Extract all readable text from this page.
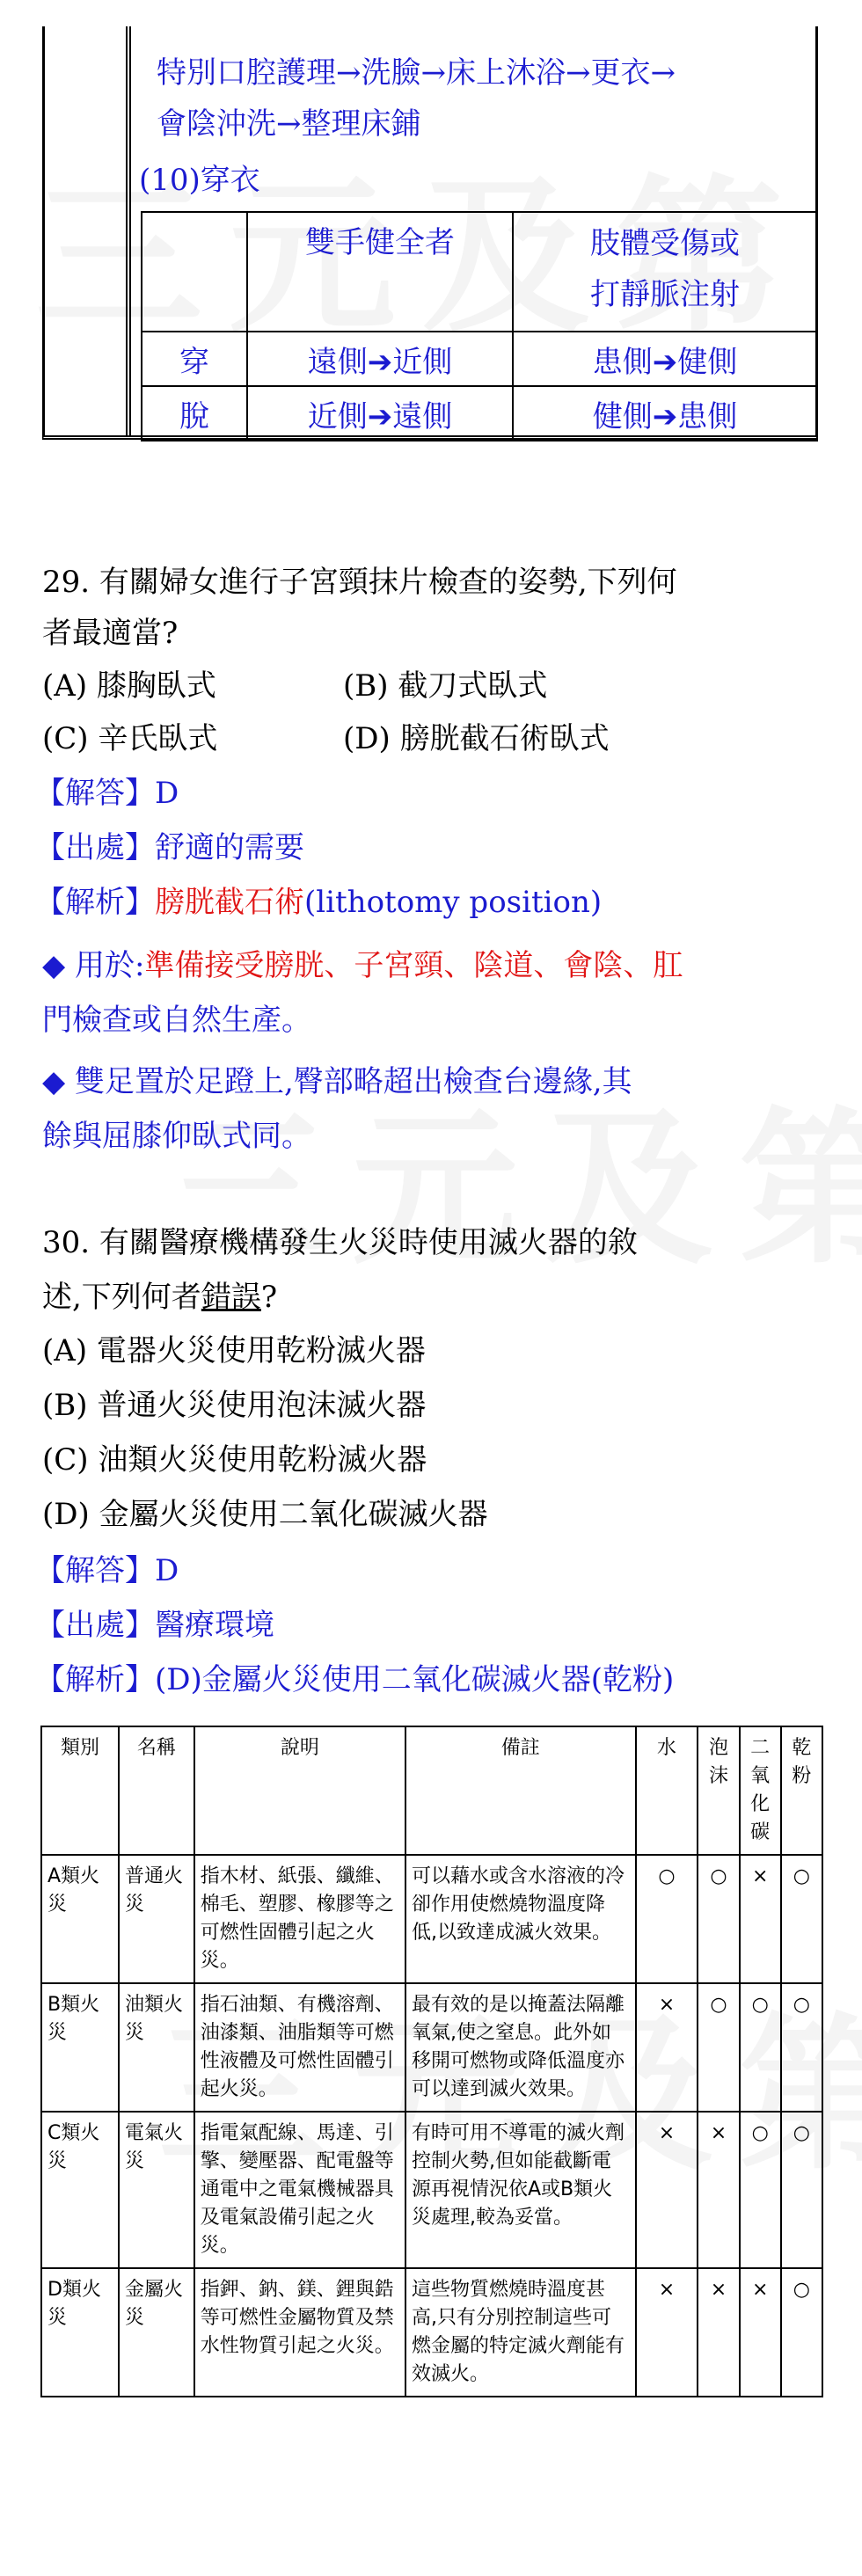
特別口腔護理→洗臉→床上沐浴→更衣→
會陰沖洗→整理床鋪
(10)穿衣
	雙手健全者	肢體受傷或
打靜脈注射

穿	遠側➔近側	患側➔健側
脫	近側➔遠側	健側➔患側
29. 有關婦女進行子宮頸抹片檢查的姿勢,下列何
者最適當?
(A) 膝胸臥式	(B) 截刀式臥式
(C) 辛氏臥式	(D) 膀胱截石術臥式
【解答】D
【出處】舒適的需要
【解析】膀胱截石術(lithotomy position)
◆ 用於:準備接受膀胱、子宮頸、陰道、會陰、肛
門檢查或自然生產。
◆ 雙足置於足蹬上,臀部略超出檢查台邊緣,其
餘與屈膝仰臥式同。
30. 有關醫療機構發生火災時使用滅火器的敘
述,下列何者錯誤?
(A) 電器火災使用乾粉滅火器
(B) 普通火災使用泡沫滅火器
(C) 油類火災使用乾粉滅火器
(D) 金屬火災使用二氧化碳滅火器
【解答】D
【出處】醫療環境
【解析】(D)金屬火災使用二氧化碳滅火器(乾粉)
類別	名稱	說明	備註	水	泡沫	二氧化碳	乾粉
A類火災	普通火災	指木材、紙張、纖維、棉毛、塑膠、橡膠等之可燃性固體引起之火災。	可以藉水或含水溶液的冷卻作用使燃燒物溫度降低,以致達成滅火效果。	○	○	×	○
B類火災	油類火災	指石油類、有機溶劑、油漆類、油脂類等可燃性液體及可燃性固體引起火災。	最有效的是以掩蓋法隔離氧氣,使之窒息。此外如移開可燃物或降低溫度亦可以達到滅火效果。	×	○	○	○
C類火災	電氣火災	指電氣配線、馬達、引擎、變壓器、配電盤等通電中之電氣機械器具及電氣設備引起之火災。	有時可用不導電的滅火劑控制火勢,但如能截斷電源再視情況依A或B類火災處理,較為妥當。	×	×	○	○
D類火災	金屬火災	指鉀、鈉、鎂、鋰與鋯等可燃性金屬物質及禁水性物質引起之火災。	這些物質燃燒時溫度甚高,只有分別控制這些可燃金屬的特定滅火劑能有效滅火。	×	×	×	○
